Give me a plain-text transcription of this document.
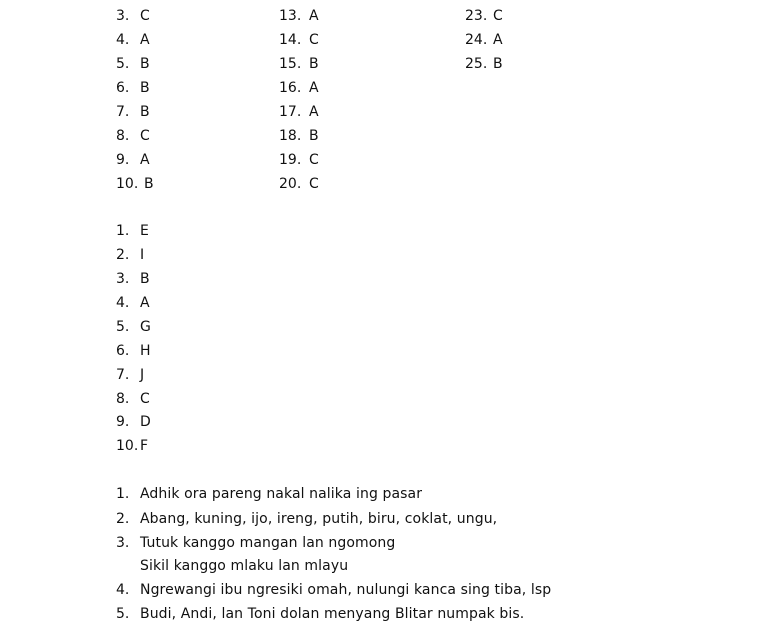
3. C
4. A
5. B
6. B
7. B
8. C
9. A
10. B
13. A
14. C
15. B
16. A
17. A
18. B
19. C
20. C
23. C
24. A
25. B
1. E
2. I
3. B
4. A
5. G
6. H
7. J
8. C
9. D
10. F
1. Adhik ora pareng nakal nalika ing pasar
2. Abang, kuning, ijo, ireng, putih, biru, coklat, ungu,
3. Tutuk kanggo mangan lan ngomong
Sikil kanggo mlaku lan mlayu
4. Ngrewangi ibu ngresiki omah, nulungi kanca sing tiba, lsp
5. Budi, Andi, lan Toni dolan menyang Blitar numpak bis.
